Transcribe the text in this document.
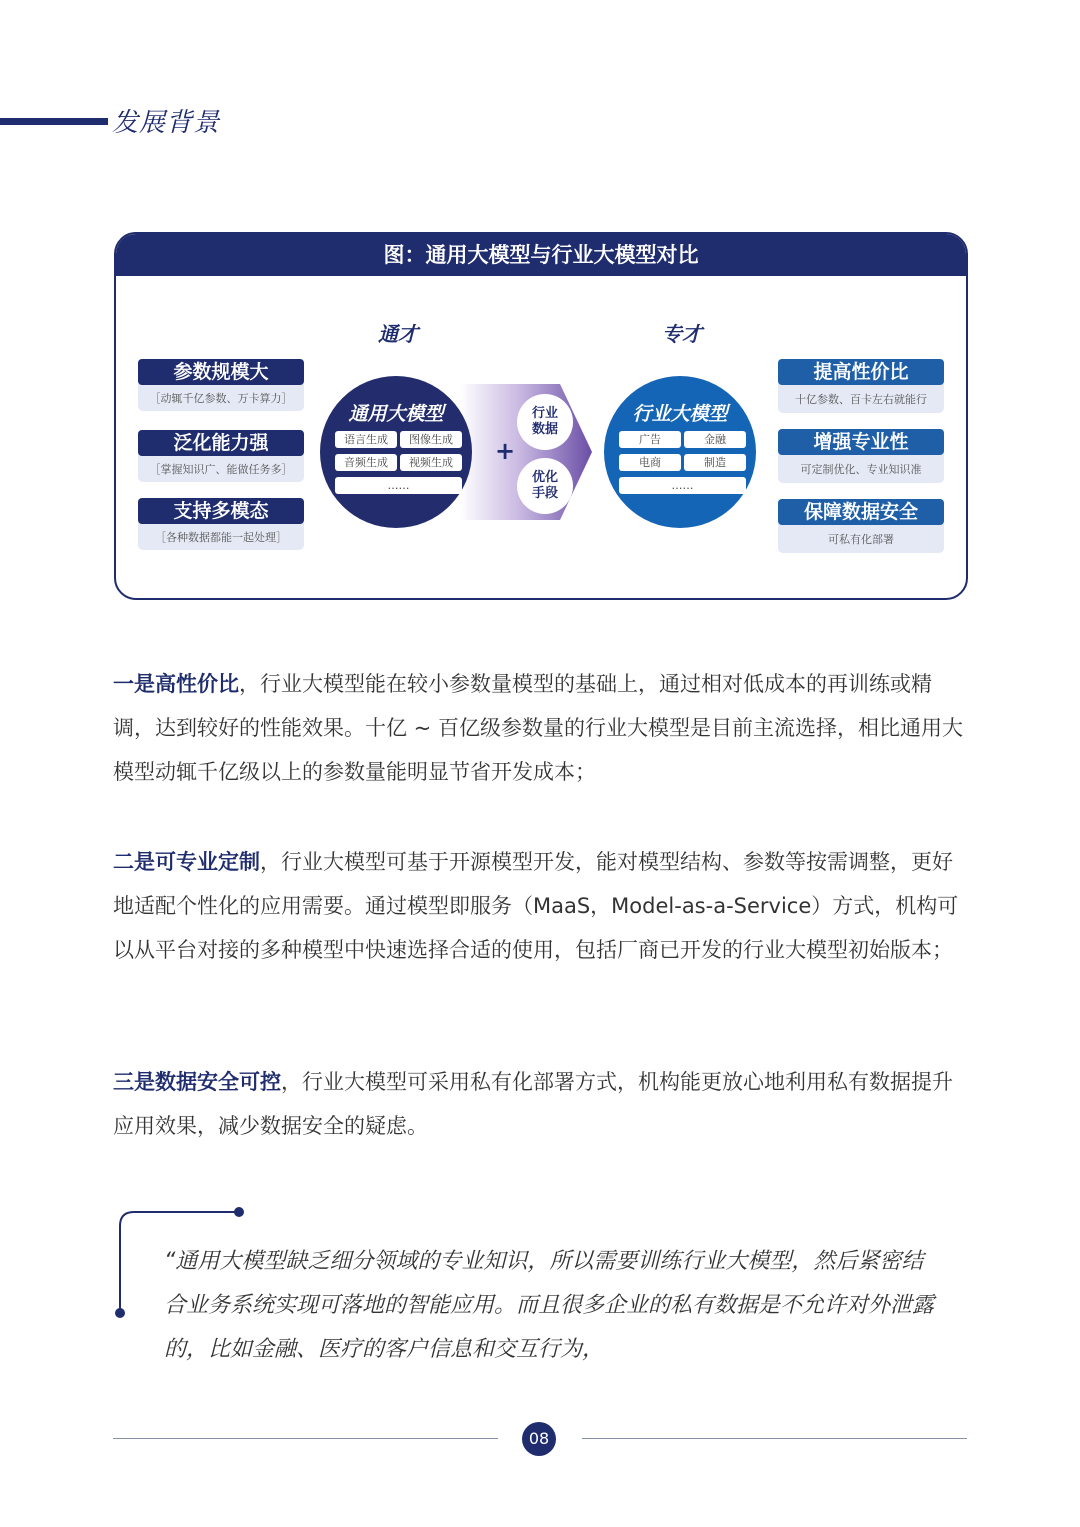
发展背景
图：通用大模型与行业大模型对比
通才	专才
参数规模大
［动辄千亿参数、万卡算力］
泛化能力强
［掌握知识广、能做任务多］
支持多模态
［各种数据都能一起处理］
+
行业
数据
优化
手段
通用大模型
语言生成	图像生成
音频生成	视频生成
……
行业大模型
广告	金融
电商	制造
……
提高性价比
十亿参数、百卡左右就能行
增强专业性
可定制优化、专业知识准
保障数据安全
可私有化部署
一是高性价比，行业大模型能在较小参数量模型的基础上，通过相对低成本的再训练或精调，达到较好的性能效果。十亿 ~ 百亿级参数量的行业大模型是目前主流选择，相比通用大模型动辄千亿级以上的参数量能明显节省开发成本；
二是可专业定制，行业大模型可基于开源模型开发，能对模型结构、参数等按需调整，更好地适配个性化的应用需要。通过模型即服务（MaaS，Model-as-a-Service）方式，机构可以从平台对接的多种模型中快速选择合适的使用，包括厂商已开发的行业大模型初始版本；
三是数据安全可控，行业大模型可采用私有化部署方式，机构能更放心地利用私有数据提升应用效果，减少数据安全的疑虑。
“通用大模型缺乏细分领域的专业知识，所以需要训练行业大模型，然后紧密结合业务系统实现可落地的智能应用。而且很多企业的私有数据是不允许对外泄露的，比如金融、医疗的客户信息和交互行为，
08
